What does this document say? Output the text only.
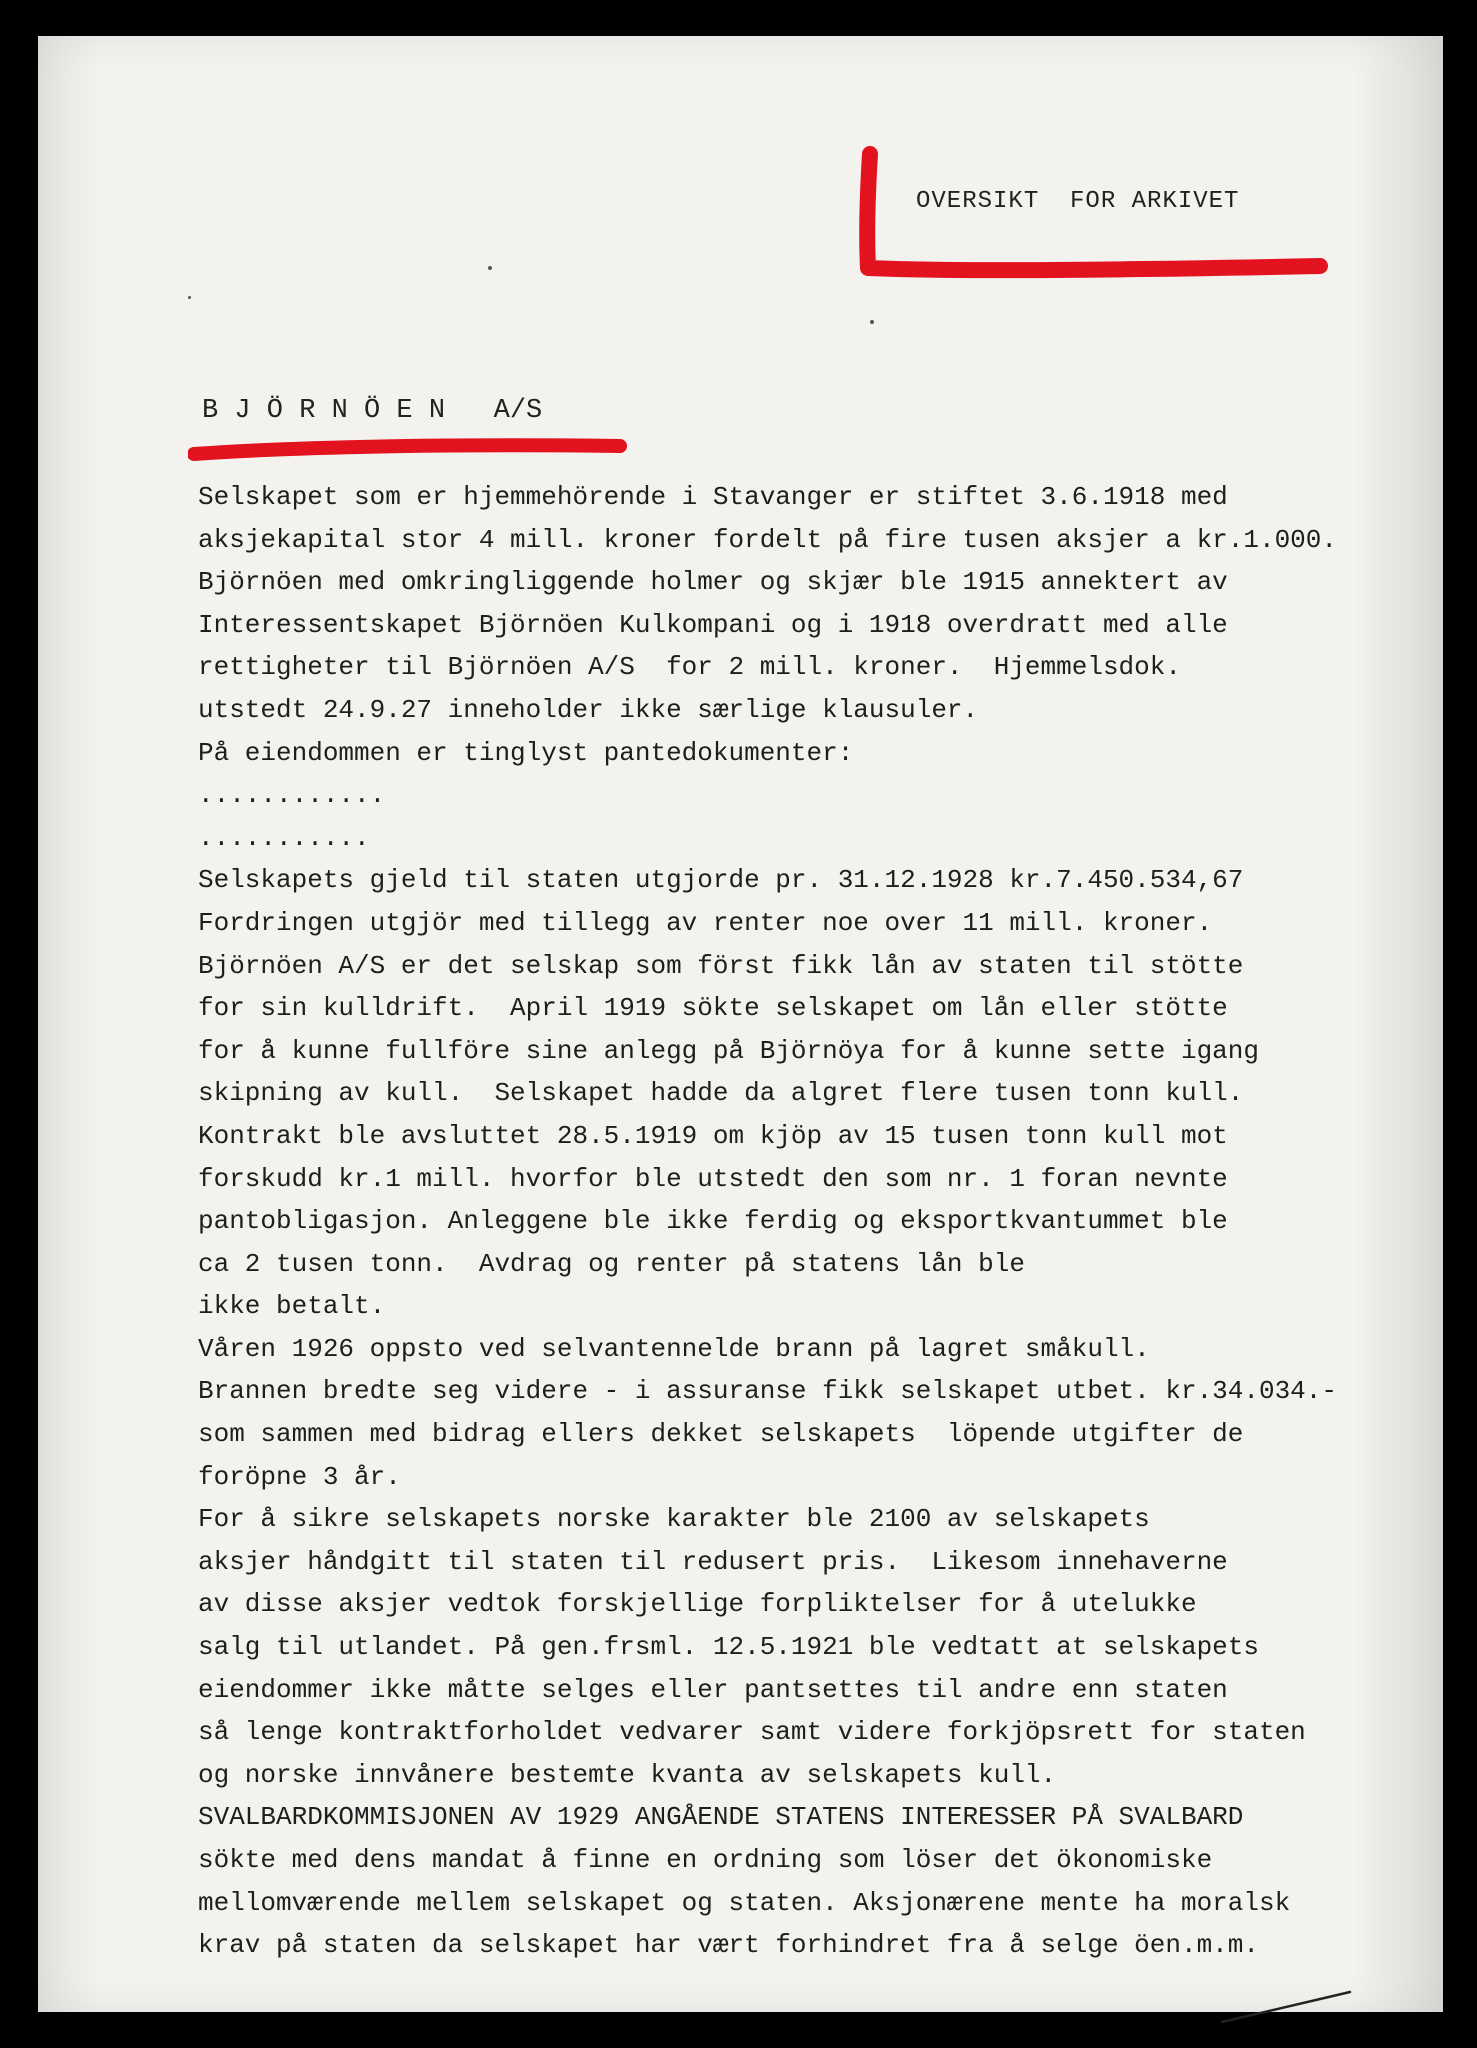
OVERSIKT  FOR ARKIVET
B J Ö R N Ö E N   A/S
Selskapet som er hjemmehörende i Stavanger er stiftet 3.6.1918 med
aksjekapital stor 4 mill. kroner fordelt på fire tusen aksjer a kr.1.000.
Björnöen med omkringliggende holmer og skjær ble 1915 annektert av
Interessentskapet Björnöen Kulkompani og i 1918 overdratt med alle
rettigheter til Björnöen A/S  for 2 mill. kroner.  Hjemmelsdok.
utstedt 24.9.27 inneholder ikke særlige klausuler.
På eiendommen er tinglyst pantedokumenter:
............
...........
Selskapets gjeld til staten utgjorde pr. 31.12.1928 kr.7.450.534,67
Fordringen utgjör med tillegg av renter noe over 11 mill. kroner.
Björnöen A/S er det selskap som först fikk lån av staten til stötte
for sin kulldrift.  April 1919 sökte selskapet om lån eller stötte
for å kunne fullföre sine anlegg på Björnöya for å kunne sette igang
skipning av kull.  Selskapet hadde da algret flere tusen tonn kull.
Kontrakt ble avsluttet 28.5.1919 om kjöp av 15 tusen tonn kull mot
forskudd kr.1 mill. hvorfor ble utstedt den som nr. 1 foran nevnte
pantobligasjon. Anleggene ble ikke ferdig og eksportkvantummet ble
ca 2 tusen tonn.  Avdrag og renter på statens lån ble
ikke betalt.
Våren 1926 oppsto ved selvantennelde brann på lagret småkull.
Brannen bredte seg videre - i assuranse fikk selskapet utbet. kr.34.034.-
som sammen med bidrag ellers dekket selskapets  löpende utgifter de
foröpne 3 år.
For å sikre selskapets norske karakter ble 2100 av selskapets
aksjer håndgitt til staten til redusert pris.  Likesom innehaverne
av disse aksjer vedtok forskjellige forpliktelser for å utelukke
salg til utlandet. På gen.frsml. 12.5.1921 ble vedtatt at selskapets
eiendommer ikke måtte selges eller pantsettes til andre enn staten
så lenge kontraktforholdet vedvarer samt videre forkjöpsrett for staten
og norske innvånere bestemte kvanta av selskapets kull.
SVALBARDKOMMISJONEN AV 1929 ANGÅENDE STATENS INTERESSER PÅ SVALBARD
sökte med dens mandat å finne en ordning som löser det ökonomiske
mellomværende mellem selskapet og staten. Aksjonærene mente ha moralsk
krav på staten da selskapet har vært forhindret fra å selge öen.m.m.
